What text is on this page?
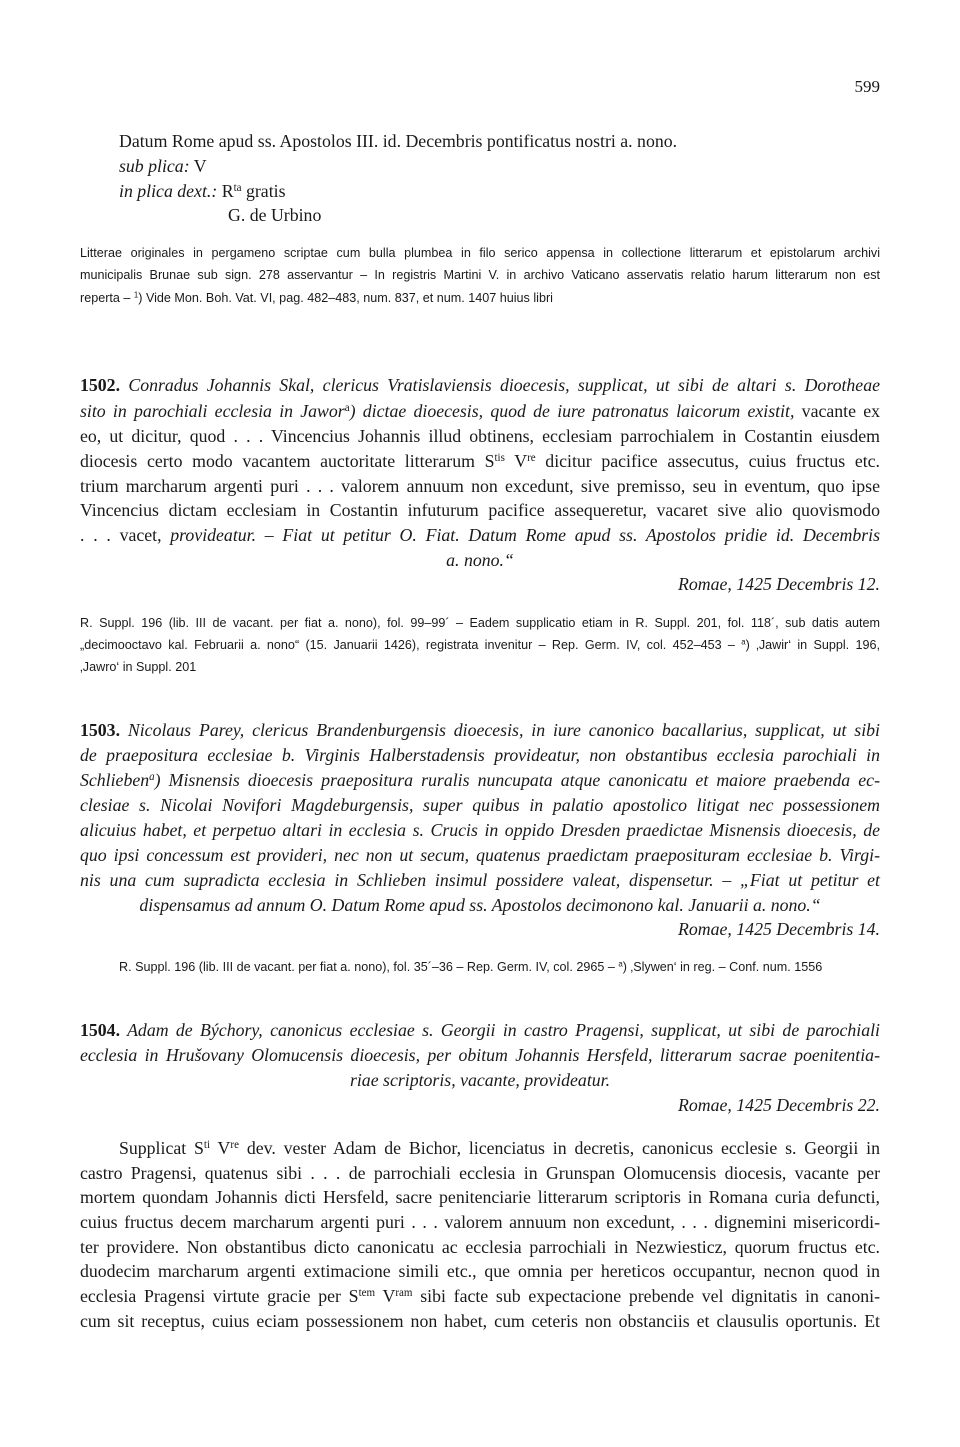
599
Datum Rome apud ss. Apostolos III. id. Decembris pontificatus nostri a. nono.
sub plica: V
in plica dext.: $R^{ta}$ gratis
G. de Urbino
Litterae originales in pergameno scriptae cum bulla plumbea in filo serico appensa in collectione litterarum et epistolarum archivi
municipalis Brunae sub sign. 278 asservantur – In registris Martini V. in archivo Vaticano asservatis relatio harum litterarum non est
reperta – $^1$) Vide Mon. Boh. Vat. VI, pag. 482–483, num. 837, et num. 1407 huius libri
1502. Conradus Johannis Skal, clericus Vratislaviensis dioecesis, supplicat, ut sibi de altari s. Dorotheae
sito in parochiali ecclesia in Jawor$^a$) dictae dioecesis, quod de iure patronatus laicorum existit, vacante ex
eo, ut dicitur, quod . . . Vincencius Johannis illud obtinens, ecclesiam parrochialem in Costantin eiusdem
diocesis certo modo vacantem auctoritate litterarum $S^{tis}$ Vre dicitur pacifice assecutus, cuius fructus etc.
trium marcharum argenti puri . . . valorem annuum non excedunt, sive premisso, seu in eventum, quo ipse
Vincencius dictam ecclesiam in Costantin infuturum pacifice assequeretur, vacaret sive alio quovismodo
. . . vacet, provideatur. – Fiat ut petitur O. Fiat. Datum Rome apud ss. Apostolos pridie id. Decembris
a. nono.“
Romae, 1425 Decembris 12.
R. Suppl. 196 (lib. III de vacant. per fiat a. nono), fol. 99–99´ – Eadem supplicatio etiam in R. Suppl. 201, fol. 118´, sub datis autem
„decimooctavo kal. Februarii a. nono“ (15. Januarii 1426), registrata invenitur – Rep. Germ. IV, col. 452–453 – $^a$) ‚Jawir‘ in Suppl. 196,
‚Jawro‘ in Suppl. 201
1503. Nicolaus Parey, clericus Brandenburgensis dioecesis, in iure canonico bacallarius, supplicat, ut sibi
de praepositura ecclesiae b. Virginis Halberstadensis provideatur, non obstantibus ecclesia parochiali in
Schlieben$^a$) Misnensis dioecesis praepositura ruralis nuncupata atque canonicatu et maiore praebenda ec-
clesiae s. Nicolai Novifori Magdeburgensis, super quibus in palatio apostolico litigat nec possessionem
alicuius habet, et perpetuo altari in ecclesia s. Crucis in oppido Dresden praedictae Misnensis dioecesis, de
quo ipsi concessum est provideri, nec non ut secum, quatenus praedictam praeposituram ecclesiae b. Virgi-
nis una cum supradicta ecclesia in Schlieben insimul possidere valeat, dispensetur. – „Fiat ut petitur et
dispensamus ad annum O. Datum Rome apud ss. Apostolos decimonono kal. Januarii a. nono.“
Romae, 1425 Decembris 14.
R. Suppl. 196 (lib. III de vacant. per fiat a. nono), fol. 35´–36 – Rep. Germ. IV, col. 2965 – $^a$) ‚Slywen‘ in reg. – Conf. num. 1556
1504. Adam de Býchory, canonicus ecclesiae s. Georgii in castro Pragensi, supplicat, ut sibi de parochiali
ecclesia in Hrušovany Olomucensis dioecesis, per obitum Johannis Hersfeld, litterarum sacrae poenitentia-
riae scriptoris, vacante, provideatur.
Romae, 1425 Decembris 22.
Supplicat $S^{ti}$ Vre dev. vester Adam de Bichor, licenciatus in decretis, canonicus ecclesie s. Georgii in
castro Pragensi, quatenus sibi . . . de parrochiali ecclesia in Grunspan Olomucensis diocesis, vacante per
mortem quondam Johannis dicti Hersfeld, sacre penitenciarie litterarum scriptoris in Romana curia defuncti,
cuius fructus decem marcharum argenti puri . . . valorem annuum non excedunt, . . . dignemini misericordi-
ter providere. Non obstantibus dicto canonicatu ac ecclesia parrochiali in Nezwiesticz, quorum fructus etc.
duodecim marcharum argenti extimacione simili etc., que omnia per hereticos occupantur, necnon quod in
ecclesia Pragensi virtute gracie per $S^{tem}$ $V^{ram}$ sibi facte sub expectacione prebende vel dignitatis in canoni-
cum sit receptus, cuius eciam possessionem non habet, cum ceteris non obstanciis et clausulis oportunis. Et
